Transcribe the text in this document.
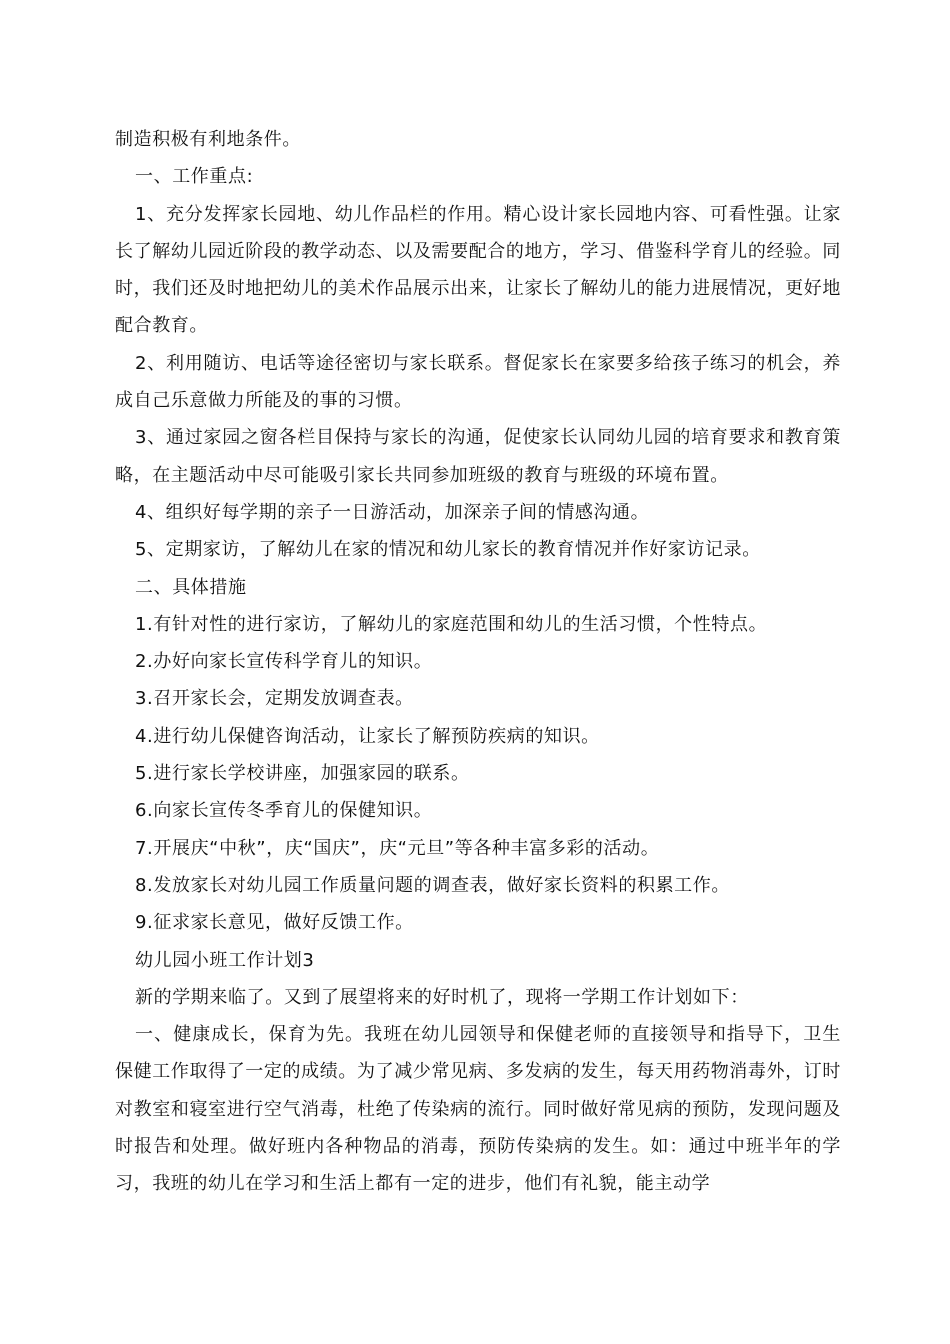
制造积极有利地条件。

一、工作重点:

1、充分发挥家长园地、幼儿作品栏的作用。精心设计家长园地内容、可看性强。让家长了解幼儿园近阶段的教学动态、以及需要配合的地方，学习、借鉴科学育儿的经验。同时，我们还及时地把幼儿的美术作品展示出来，让家长了解幼儿的能力进展情况，更好地配合教育。

2、利用随访、电话等途径密切与家长联系。督促家长在家要多给孩子练习的机会，养成自己乐意做力所能及的事的习惯。

3、通过家园之窗各栏目保持与家长的沟通，促使家长认同幼儿园的培育要求和教育策略，在主题活动中尽可能吸引家长共同参加班级的教育与班级的环境布置。

4、组织好每学期的亲子一日游活动，加深亲子间的情感沟通。

5、定期家访，了解幼儿在家的情况和幼儿家长的教育情况并作好家访记录。

二、具体措施

1.有针对性的进行家访，了解幼儿的家庭范围和幼儿的生活习惯，个性特点。

2.办好向家长宣传科学育儿的知识。

3.召开家长会，定期发放调查表。

4.进行幼儿保健咨询活动，让家长了解预防疾病的知识。

5.进行家长学校讲座，加强家园的联系。

6.向家长宣传冬季育儿的保健知识。

7.开展庆“中秋”，庆“国庆”，庆“元旦”等各种丰富多彩的活动。

8.发放家长对幼儿园工作质量问题的调查表，做好家长资料的积累工作。

9.征求家长意见，做好反馈工作。

幼儿园小班工作计划3

新的学期来临了。又到了展望将来的好时机了，现将一学期工作计划如下：

一、健康成长，保育为先。我班在幼儿园领导和保健老师的直接领导和指导下，卫生保健工作取得了一定的成绩。为了减少常见病、多发病的发生，每天用药物消毒外，订时对教室和寝室进行空气消毒，杜绝了传染病的流行。同时做好常见病的预防，发现问题及时报告和处理。做好班内各种物品的消毒，预防传染病的发生。如：通过中班半年的学习，我班的幼儿在学习和生活上都有一定的进步，他们有礼貌，能主动学
